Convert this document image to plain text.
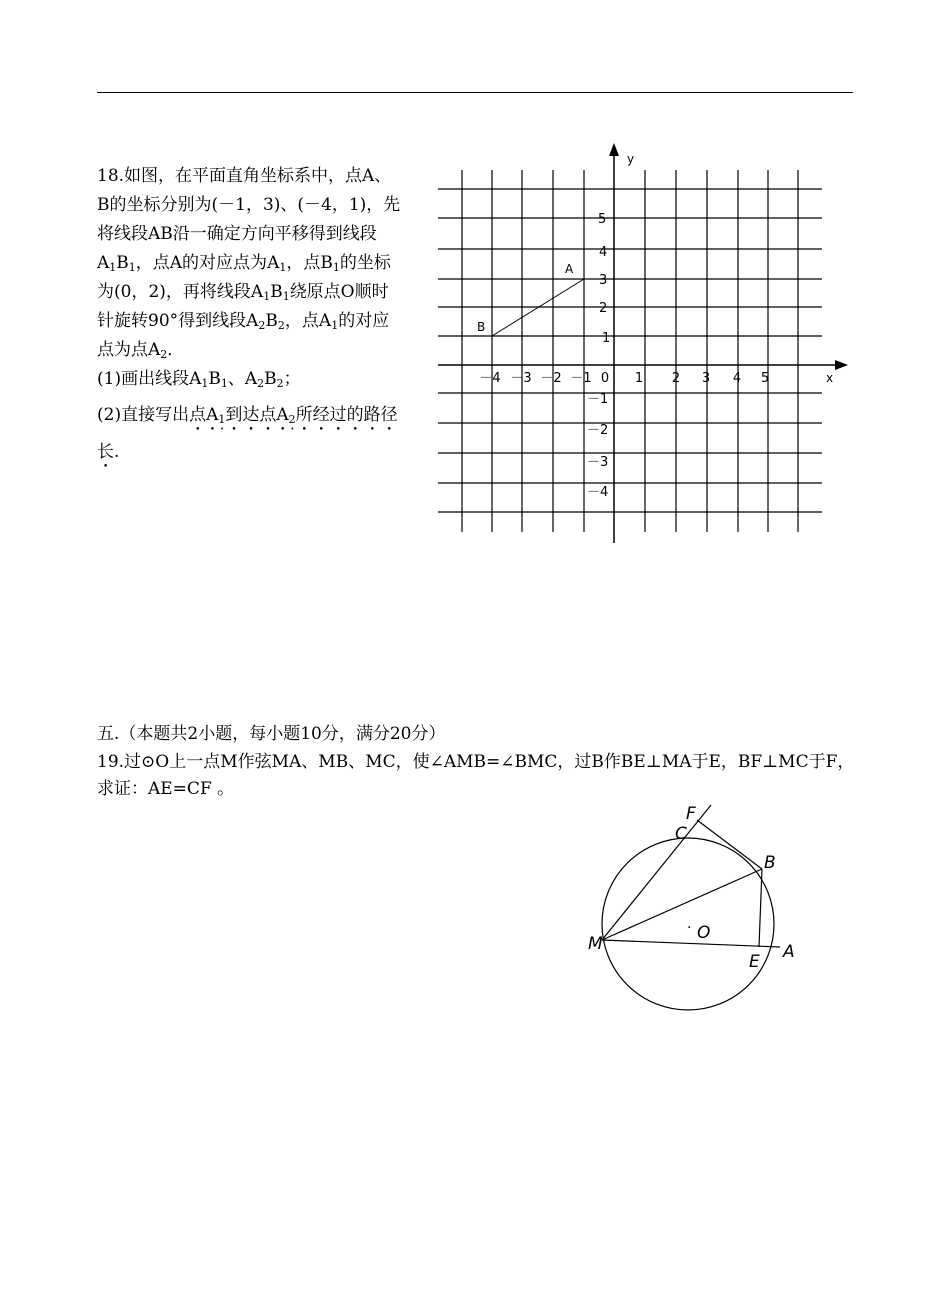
18.如图，在平面直角坐标系中，点A、B的坐标分别为(－1，3)、(－4，1)，先将线段AB沿一确定方向平移得到线段$A_1B_1$，点A的对应点为$A_1$，点$B_1$的坐标为(0，2)，再将线段$A_1B_1$绕原点O顺时针旋转90°得到线段$A_2B_2$，点$A_1$的对应点为点$A_2$．

(1)画出线段$A_1B_1$、$A_2B_2$；

(2)直接写出点$A_1$到达点$A_2$所经过的路径长.

y
x
－4 －3 －2 －1 0 1 2 3 4 5
5
4
3
2
1
－1
－2
－3
－4
A
B
五.（本题共2小题，每小题10分，满分20分）
19.过⊙O上一点M作弦MA、MB、MC，使∠AMB=∠BMC，过B作BE⊥MA于E，BF⊥MC于F，求证：AE=CF 。
F
C
B
· O
M
E A
